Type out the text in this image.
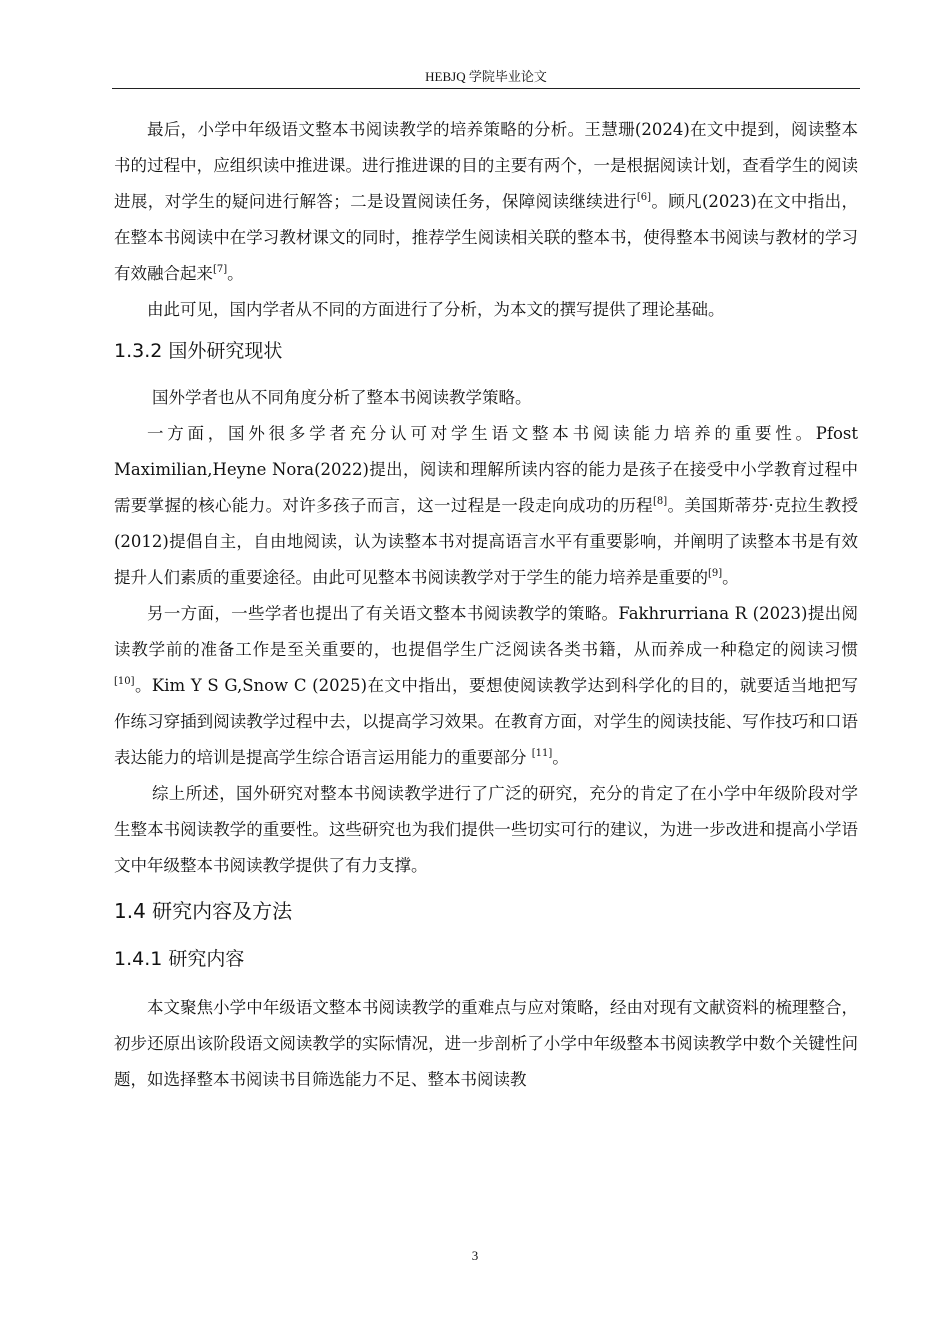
HEBJQ 学院毕业论文

最后，小学中年级语文整本书阅读教学的培养策略的分析。王慧珊(2024)在文中提到，阅读整本书的过程中，应组织读中推进课。进行推进课的目的主要有两个，一是根据阅读计划，查看学生的阅读进展，对学生的疑问进行解答；二是设置阅读任务，保障阅读继续进行[6]。顾凡(2023)在文中指出，在整本书阅读中在学习教材课文的同时，推荐学生阅读相关联的整本书，使得整本书阅读与教材的学习有效融合起来[7]。

由此可见，国内学者从不同的方面进行了分析，为本文的撰写提供了理论基础。

1.3.2 国外研究现状

国外学者也从不同角度分析了整本书阅读教学策略。

一方面，国外很多学者充分认可对学生语文整本书阅读能力培养的重要性。Pfost Maximilian,Heyne Nora(2022)提出，阅读和理解所读内容的能力是孩子在接受中小学教育过程中需要掌握的核心能力。对许多孩子而言，这一过程是一段走向成功的历程[8]。美国斯蒂芬·克拉生教授(2012)提倡自主，自由地阅读，认为读整本书对提高语言水平有重要影响，并阐明了读整本书是有效提升人们素质的重要途径。由此可见整本书阅读教学对于学生的能力培养是重要的[9]。

另一方面，一些学者也提出了有关语文整本书阅读教学的策略。Fakhrurriana R (2023)提出阅读教学前的准备工作是至关重要的，也提倡学生广泛阅读各类书籍，从而养成一种稳定的阅读习惯[10]。Kim Y S G,Snow C (2025)在文中指出，要想使阅读教学达到科学化的目的，就要适当地把写作练习穿插到阅读教学过程中去，以提高学习效果。在教育方面，对学生的阅读技能、写作技巧和口语表达能力的培训是提高学生综合语言运用能力的重要部分 [11]。

综上所述，国外研究对整本书阅读教学进行了广泛的研究，充分的肯定了在小学中年级阶段对学生整本书阅读教学的重要性。这些研究也为我们提供一些切实可行的建议，为进一步改进和提高小学语文中年级整本书阅读教学提供了有力支撑。

1.4 研究内容及方法
1.4.1 研究内容

本文聚焦小学中年级语文整本书阅读教学的重难点与应对策略，经由对现有文献资料的梳理整合，初步还原出该阶段语文阅读教学的实际情况，进一步剖析了小学中年级整本书阅读教学中数个关键性问题，如选择整本书阅读书目筛选能力不足、整本书阅读教

3
